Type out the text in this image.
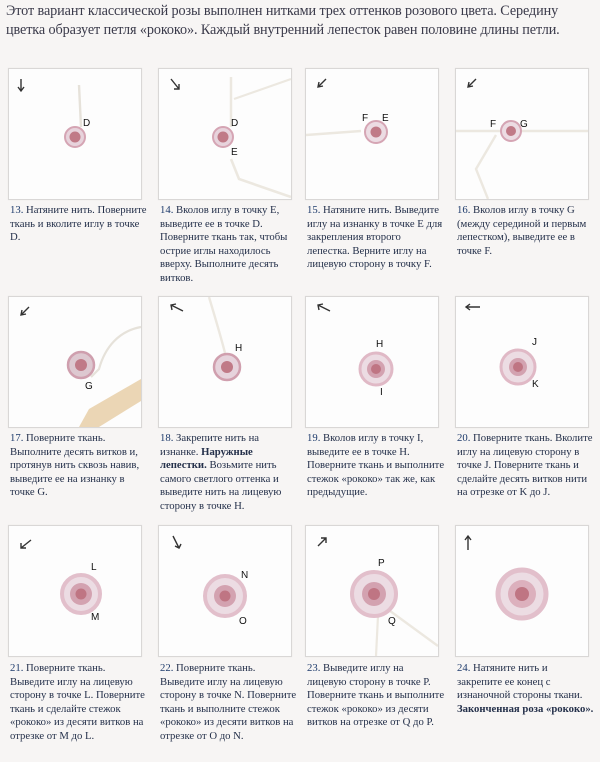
Этот вариант классической розы выполнен нитками трех оттенков розового цвета. Середину цветка образует петля «рококо». Каждый внутренний лепесток равен половине длины петли.
D
13. Натяните нить. Поверните ткань и вколите иглу в точке D.
D
E
14. Вколов иглу в точку E, выведите ее в точке D. Поверните ткань так, чтобы острие иглы находилось вверху. Выполните десять витков.
F E
15. Натяните нить. Выведите иглу на изнанку в точке E для закрепления второго лепестка. Верните иглу на лицевую сторону в точку F.
F G
16. Вколов иглу в точку G (между серединой и первым лепестком), выведите ее в точке F.
G
17. Поверните ткань. Выполните десять витков и, протянув нить сквозь навив, выведите ее на изнанку в точке G.
H
18. Закрепите нить на изнанке. Наружные лепестки. Возьмите нить самого светлого оттенка и выведите нить на лицевую сторону в точке H.
H
I
19. Вколов иглу в точку I, выведите ее в точке H. Поверните ткань и выполните стежок «рококо» так же, как предыдущие.
J
K
20. Поверните ткань. Вколите иглу на лицевую сторону в точке J. Поверните ткань и сделайте десять витков нити на отрезке от K до J.
L
M
21. Поверните ткань. Выведите иглу на лицевую сторону в точке L. Поверните ткань и сделайте стежок «рококо» из десяти витков на отрезке от M до L.
N
O
22. Поверните ткань. Выведите иглу на лицевую сторону в точке N. Поверните ткань и выполните стежок «рококо» из десяти витков на отрезке от O до N.
P
Q
23. Выведите иглу на лицевую сторону в точке P. Поверните ткань и выполните стежок «рококо» из десяти витков на отрезке от Q до P.
24. Натяните нить и закрепите ее конец с изнаночной стороны ткани.
Законченная роза «рококо».
